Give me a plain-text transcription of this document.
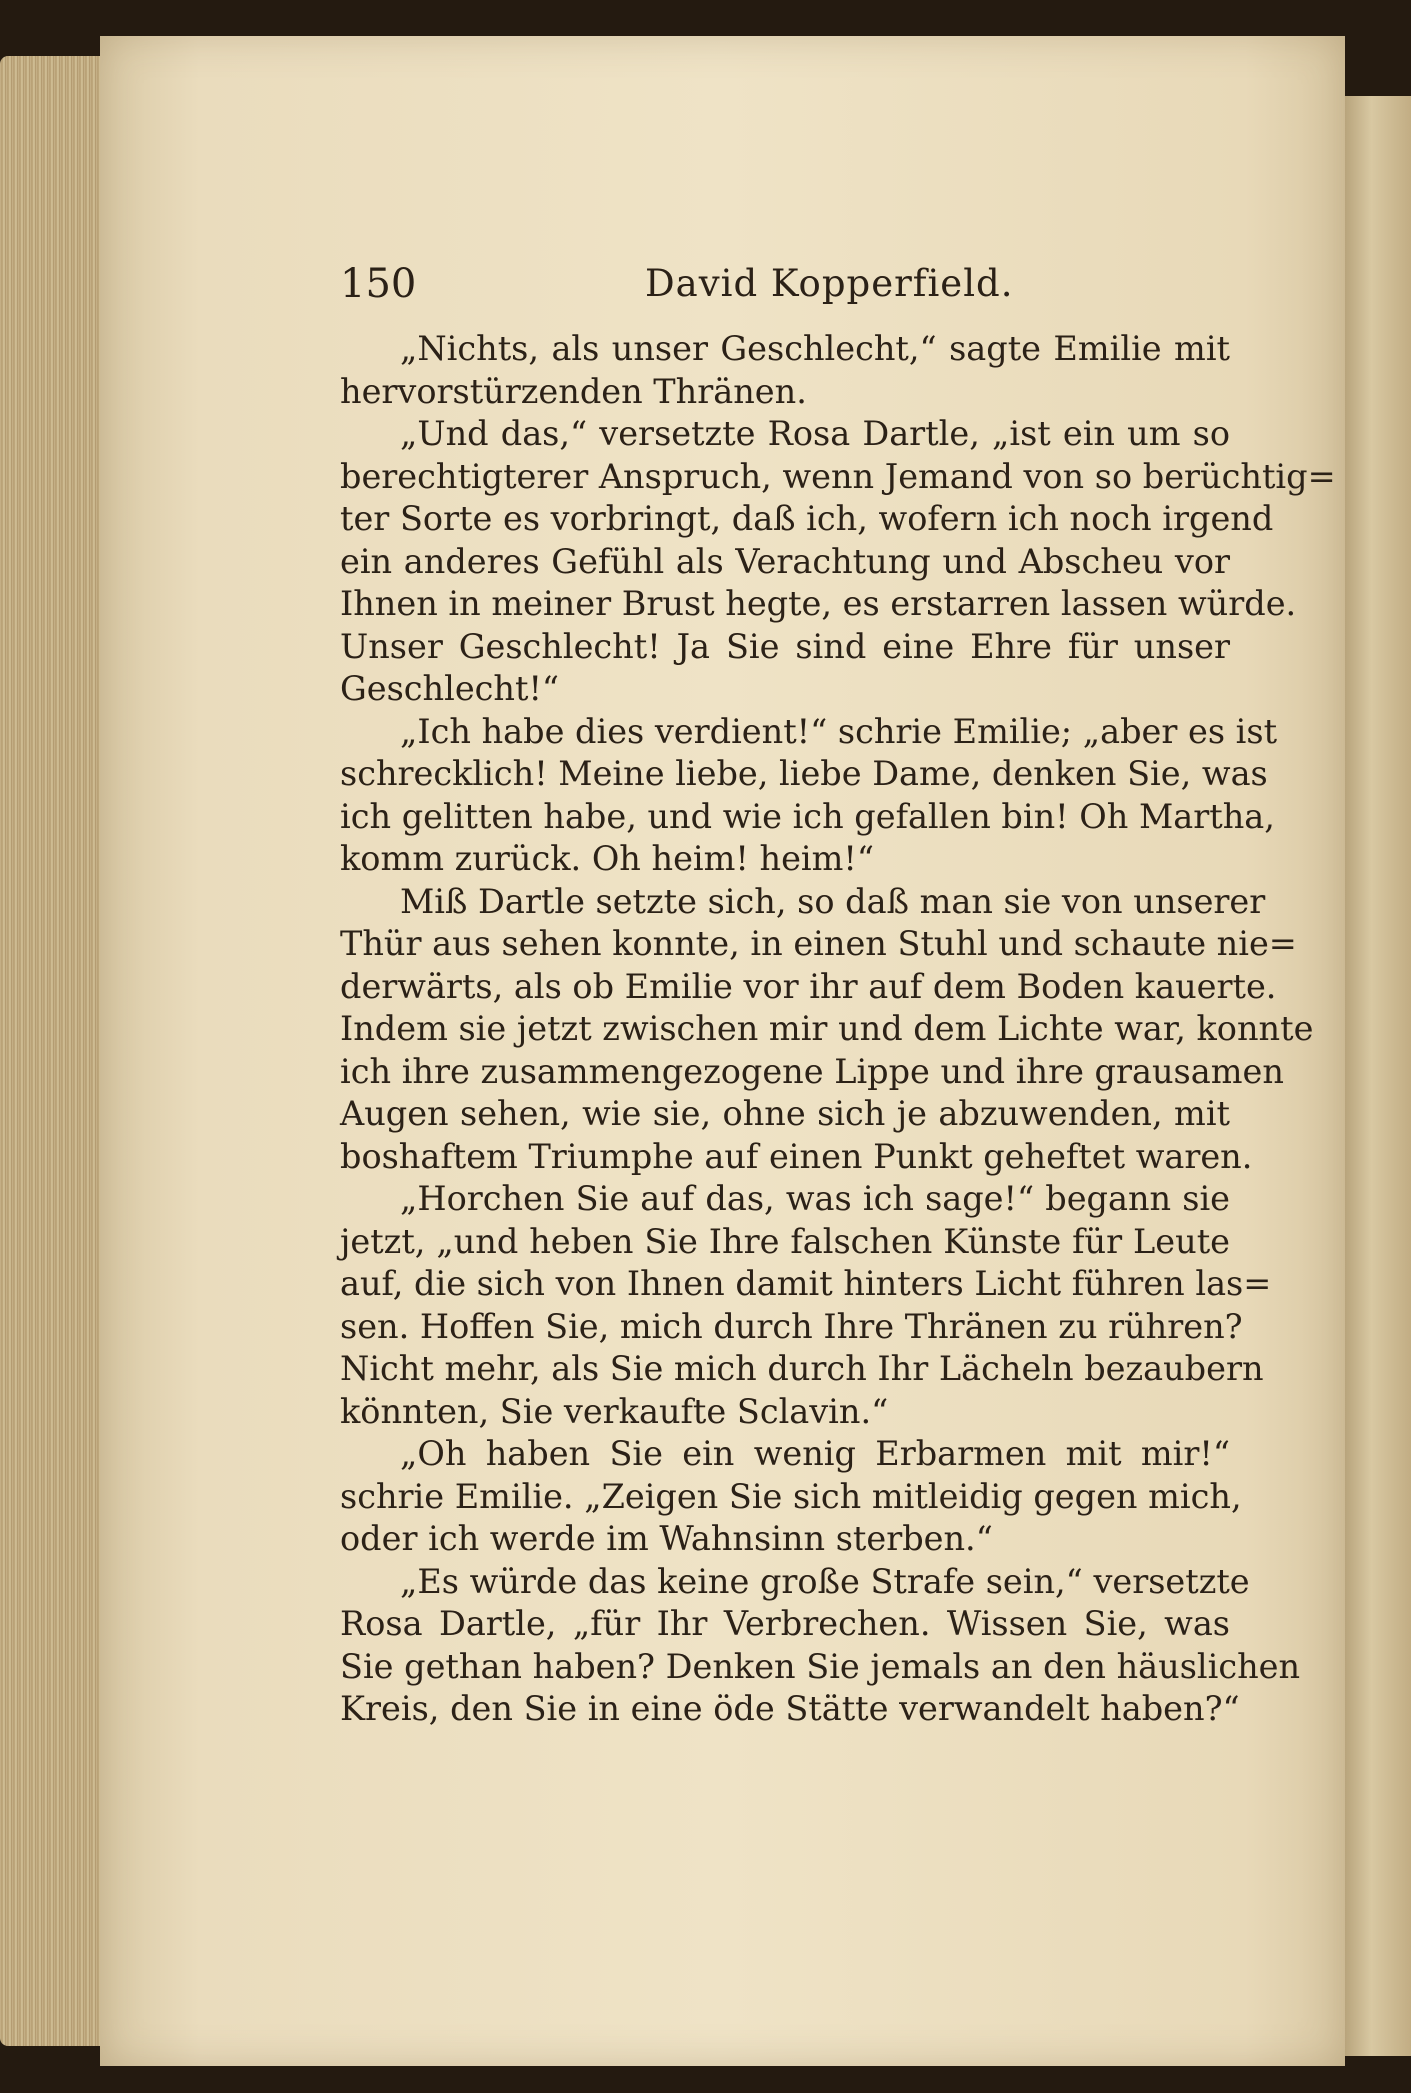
150	David Kopperfield.
„Nichts, als unser Geschlecht,“ sagte Emilie mit
hervorstürzenden Thränen.
„Und das,“ versetzte Rosa Dartle, „ist ein um so
berechtigterer Anspruch, wenn Jemand von so berüchtig=
ter Sorte es vorbringt, daß ich, wofern ich noch irgend
ein anderes Gefühl als Verachtung und Abscheu vor
Ihnen in meiner Brust hegte, es erstarren lassen würde.
Unser Geschlecht! Ja Sie sind eine Ehre für unser
Geschlecht!“
„Ich habe dies verdient!“ schrie Emilie; „aber es ist
schrecklich! Meine liebe, liebe Dame, denken Sie, was
ich gelitten habe, und wie ich gefallen bin! Oh Martha,
komm zurück. Oh heim! heim!“
Miß Dartle setzte sich, so daß man sie von unserer
Thür aus sehen konnte, in einen Stuhl und schaute nie=
derwärts, als ob Emilie vor ihr auf dem Boden kauerte.
Indem sie jetzt zwischen mir und dem Lichte war, konnte
ich ihre zusammengezogene Lippe und ihre grausamen
Augen sehen, wie sie, ohne sich je abzuwenden, mit
boshaftem Triumphe auf einen Punkt geheftet waren.
„Horchen Sie auf das, was ich sage!“ begann sie
jetzt, „und heben Sie Ihre falschen Künste für Leute
auf, die sich von Ihnen damit hinters Licht führen las=
sen. Hoffen Sie, mich durch Ihre Thränen zu rühren?
Nicht mehr, als Sie mich durch Ihr Lächeln bezaubern
könnten, Sie verkaufte Sclavin.“
„Oh haben Sie ein wenig Erbarmen mit mir!“
schrie Emilie. „Zeigen Sie sich mitleidig gegen mich,
oder ich werde im Wahnsinn sterben.“
„Es würde das keine große Strafe sein,“ versetzte
Rosa Dartle, „für Ihr Verbrechen. Wissen Sie, was
Sie gethan haben? Denken Sie jemals an den häuslichen
Kreis, den Sie in eine öde Stätte verwandelt haben?“
